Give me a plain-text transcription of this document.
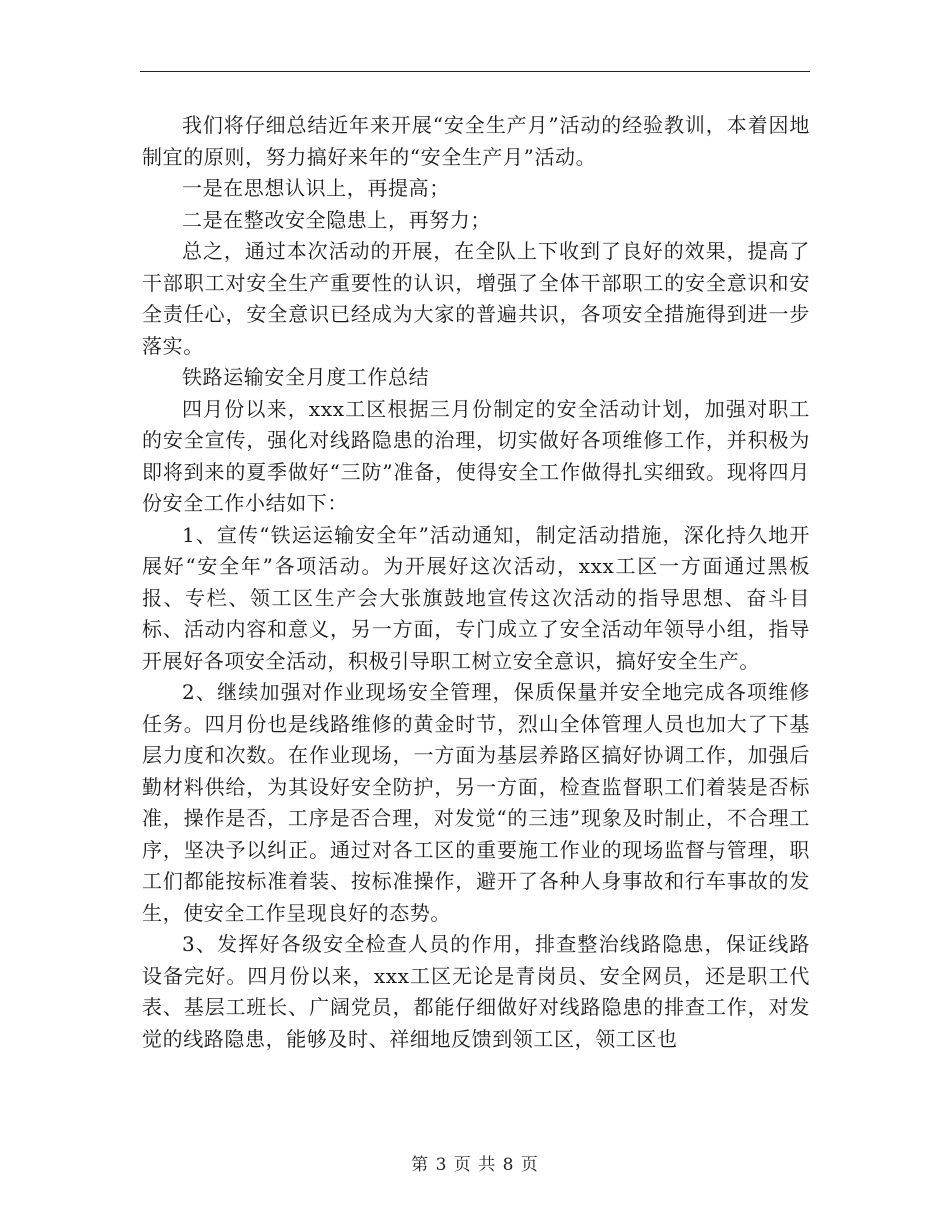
我们将仔细总结近年来开展“安全生产月”活动的经验教训，本着因地制宜的原则，努力搞好来年的“安全生产月”活动。

一是在思想认识上，再提高；

二是在整改安全隐患上，再努力；

总之，通过本次活动的开展，在全队上下收到了良好的效果，提高了干部职工对安全生产重要性的认识，增强了全体干部职工的安全意识和安全责任心，安全意识已经成为大家的普遍共识，各项安全措施得到进一步落实。

铁路运输安全月度工作总结

四月份以来，xxx工区根据三月份制定的安全活动计划，加强对职工的安全宣传，强化对线路隐患的治理，切实做好各项维修工作，并积极为即将到来的夏季做好“三防”准备，使得安全工作做得扎实细致。现将四月份安全工作小结如下：

1、宣传“铁运运输安全年”活动通知，制定活动措施，深化持久地开展好“安全年”各项活动。为开展好这次活动，xxx工区一方面通过黑板报、专栏、领工区生产会大张旗鼓地宣传这次活动的指导思想、奋斗目标、活动内容和意义，另一方面，专门成立了安全活动年领导小组，指导开展好各项安全活动，积极引导职工树立安全意识，搞好安全生产。

2、继续加强对作业现场安全管理，保质保量并安全地完成各项维修任务。四月份也是线路维修的黄金时节，烈山全体管理人员也加大了下基层力度和次数。在作业现场，一方面为基层养路区搞好协调工作，加强后勤材料供给，为其设好安全防护，另一方面，检查监督职工们着装是否标准，操作是否，工序是否合理，对发觉“的三违”现象及时制止，不合理工序，坚决予以纠正。通过对各工区的重要施工作业的现场监督与管理，职工们都能按标准着装、按标准操作，避开了各种人身事故和行车事故的发生，使安全工作呈现良好的态势。

3、发挥好各级安全检查人员的作用，排查整治线路隐患，保证线路设备完好。四月份以来，xxx工区无论是青岗员、安全网员，还是职工代表、基层工班长、广阔党员，都能仔细做好对线路隐患的排查工作，对发觉的线路隐患，能够及时、祥细地反馈到领工区，领工区也

第 3 页 共 8 页
